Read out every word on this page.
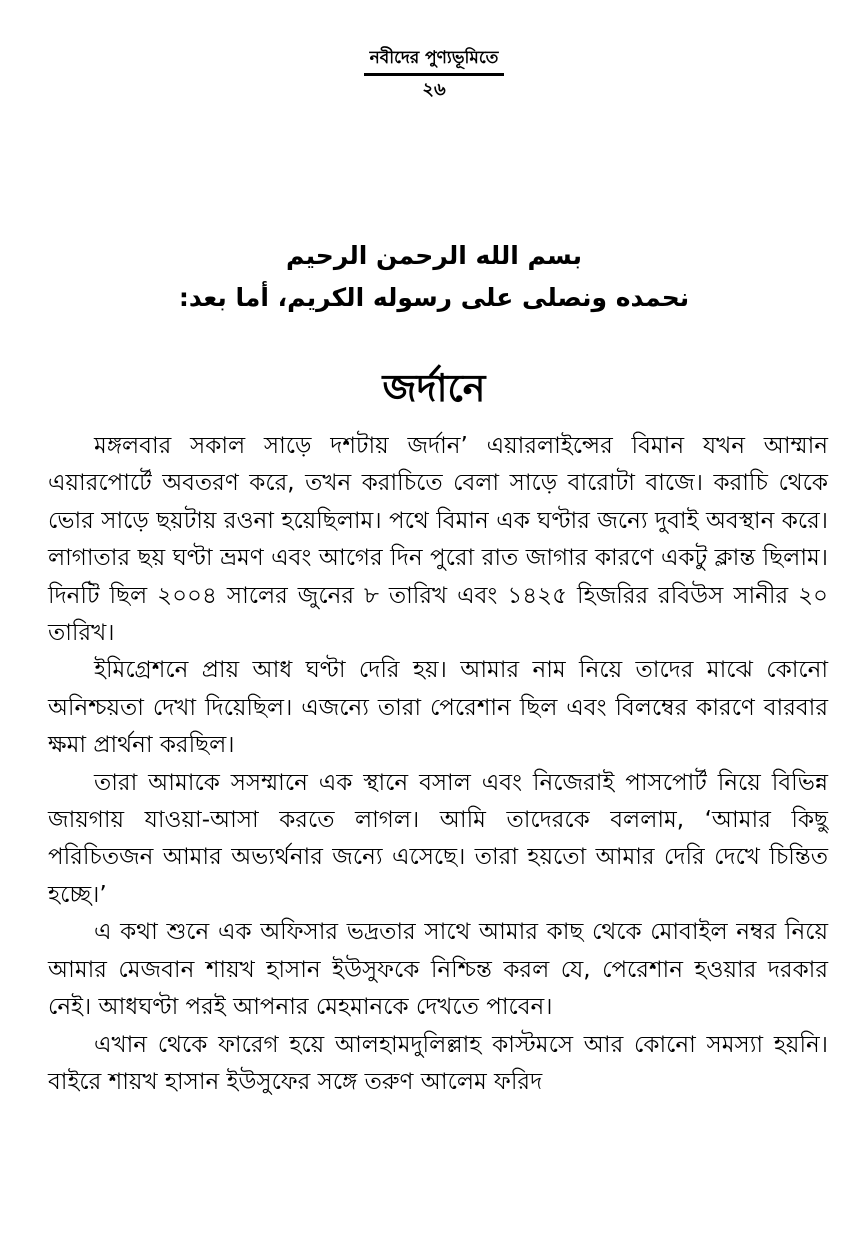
নবীদের পুণ্যভূমিতে
২৬
بسم الله الرحمن الرحيم
نحمده ونصلى على رسوله الكريم، أما بعد:
জর্দানে

মঙ্গলবার সকাল সাড়ে দশটায় জর্দান’ এয়ারলাইন্সের বিমান যখন আম্মান এয়ারপোর্টে অবতরণ করে, তখন করাচিতে বেলা সাড়ে বারোটা বাজে। করাচি থেকে ভোর সাড়ে ছয়টায় রওনা হয়েছিলাম। পথে বিমান এক ঘণ্টার জন্যে দুবাই অবস্থান করে। লাগাতার ছয় ঘণ্টা ভ্রমণ এবং আগের দিন পুরো রাত জাগার কারণে একটু ক্লান্ত ছিলাম। দিনটি ছিল ২০০৪ সালের জুনের ৮ তারিখ এবং ১৪২৫ হিজরির রবিউস সানীর ২০ তারিখ।

ইমিগ্রেশনে প্রায় আধ ঘণ্টা দেরি হয়। আমার নাম নিয়ে তাদের মাঝে কোনো অনিশ্চয়তা দেখা দিয়েছিল। এজন্যে তারা পেরেশান ছিল এবং বিলম্বের কারণে বারবার ক্ষমা প্রার্থনা করছিল।

তারা আমাকে সসম্মানে এক স্থানে বসাল এবং নিজেরাই পাসপোর্ট নিয়ে বিভিন্ন জায়গায় যাওয়া-আসা করতে লাগল। আমি তাদেরকে বললাম, ‘আমার কিছু পরিচিতজন আমার অভ্যর্থনার জন্যে এসেছে। তারা হয়তো আমার দেরি দেখে চিন্তিত হচ্ছে।’

এ কথা শুনে এক অফিসার ভদ্রতার সাথে আমার কাছ থেকে মোবাইল নম্বর নিয়ে আমার মেজবান শায়খ হাসান ইউসুফকে নিশ্চিন্ত করল যে, পেরেশান হওয়ার দরকার নেই। আধঘণ্টা পরই আপনার মেহমানকে দেখতে পাবেন।

এখান থেকে ফারেগ হয়ে আলহামদুলিল্লাহ কাস্টমসে আর কোনো সমস্যা হয়নি। বাইরে শায়খ হাসান ইউসুফের সঙ্গে তরুণ আলেম ফরিদ
